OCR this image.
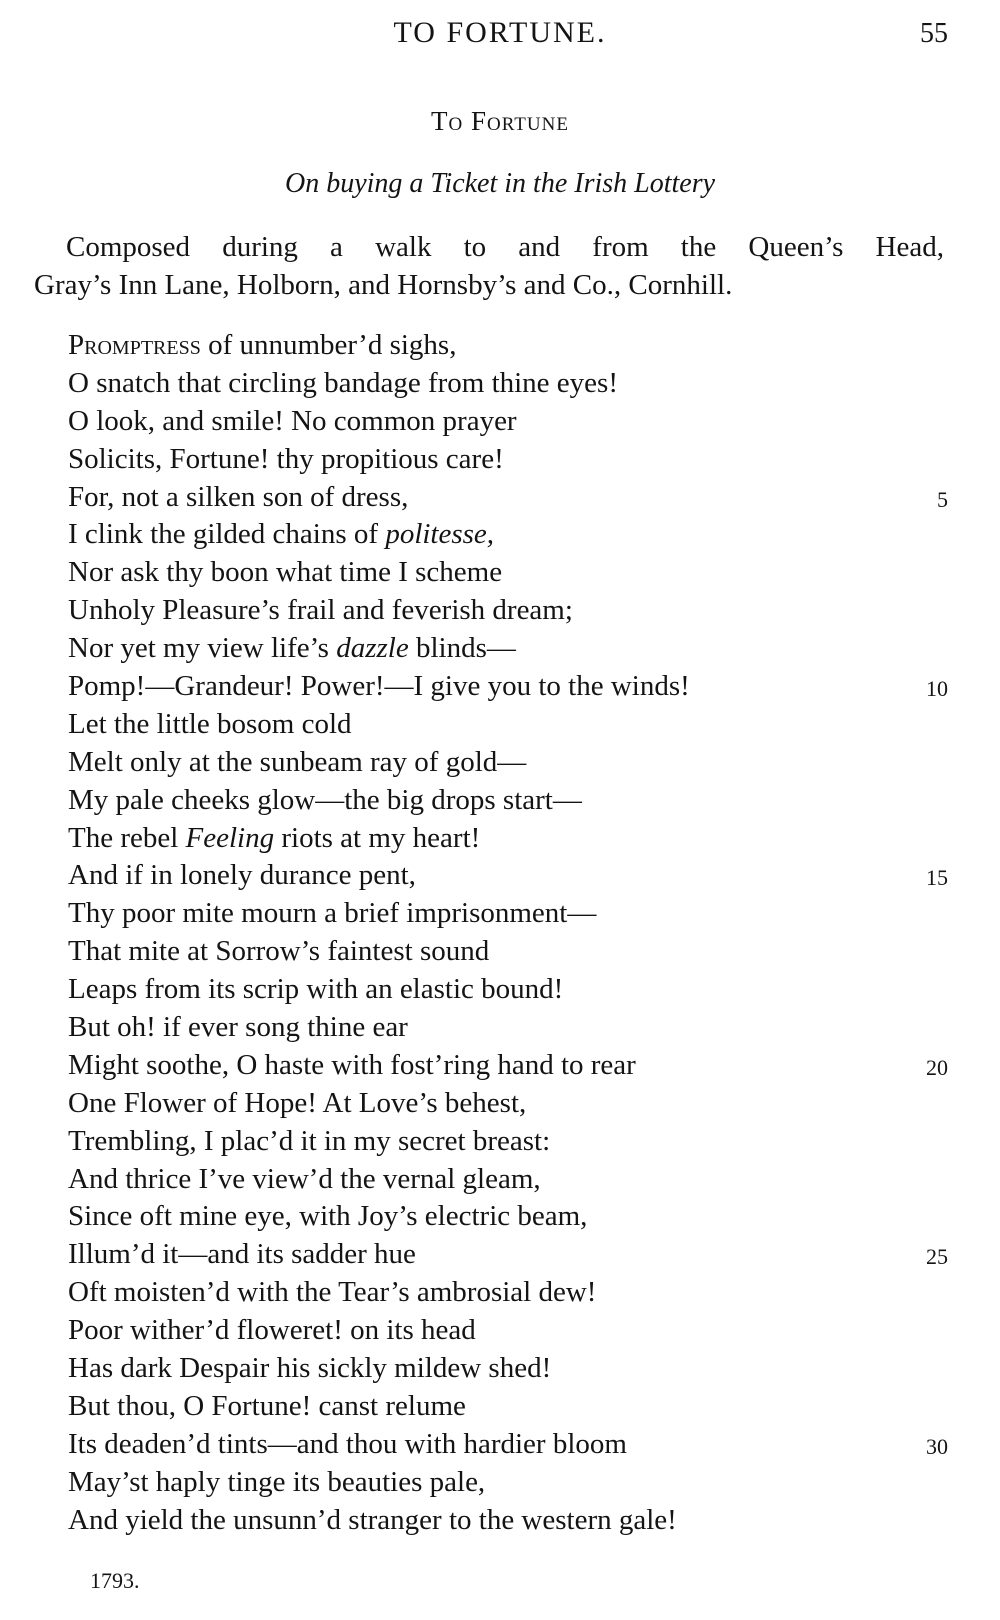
TO FORTUNE.	55
To Fortune
On buying a Ticket in the Irish Lottery
Composed during a walk to and from the Queen’s Head,
Gray’s Inn Lane, Holborn, and Hornsby’s and Co., Cornhill.
Promptress of unnumber’d sighs,
O snatch that circling bandage from thine eyes!
O look, and smile! No common prayer
Solicits, Fortune! thy propitious care!
For, not a silken son of dress,	5
I clink the gilded chains of politesse,
Nor ask thy boon what time I scheme
Unholy Pleasure’s frail and feverish dream;
Nor yet my view life’s dazzle blinds—
Pomp!—Grandeur! Power!—I give you to the winds!	10
Let the little bosom cold
Melt only at the sunbeam ray of gold—
My pale cheeks glow—the big drops start—
The rebel Feeling riots at my heart!
And if in lonely durance pent,	15
Thy poor mite mourn a brief imprisonment—
That mite at Sorrow’s faintest sound
Leaps from its scrip with an elastic bound!
But oh! if ever song thine ear
Might soothe, O haste with fost’ring hand to rear	20
One Flower of Hope! At Love’s behest,
Trembling, I plac’d it in my secret breast:
And thrice I’ve view’d the vernal gleam,
Since oft mine eye, with Joy’s electric beam,
Illum’d it—and its sadder hue	25
Oft moisten’d with the Tear’s ambrosial dew!
Poor wither’d floweret! on its head
Has dark Despair his sickly mildew shed!
But thou, O Fortune! canst relume
Its deaden’d tints—and thou with hardier bloom	30
May’st haply tinge its beauties pale,
And yield the unsunn’d stranger to the western gale!
1793.
